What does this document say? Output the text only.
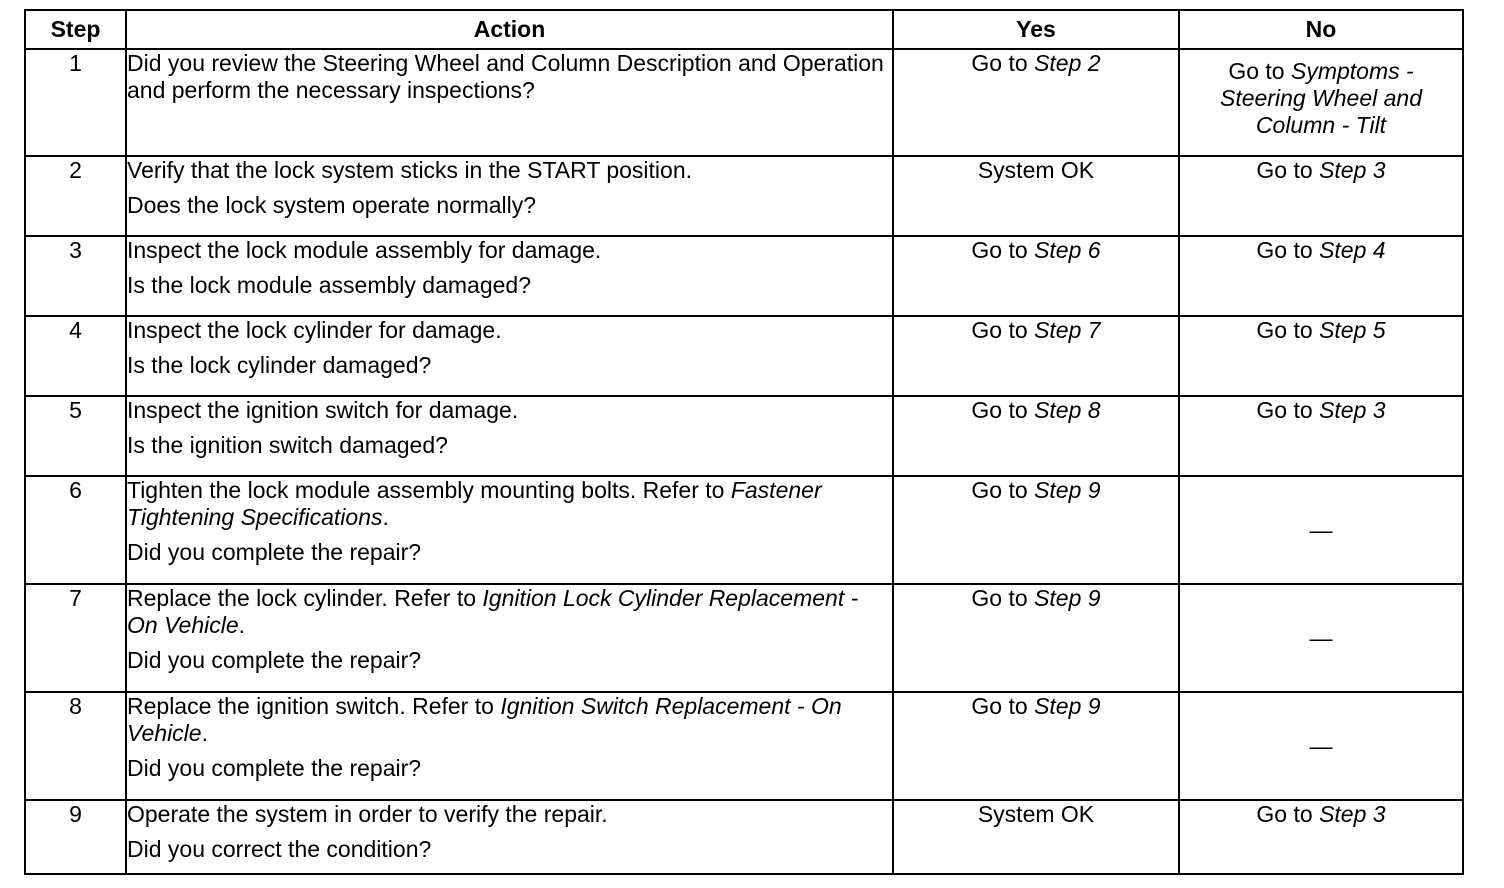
Step	Action	Yes	No
1	Did you review the Steering Wheel and Column Description and Operation and perform the necessary inspections?	Go to Step 2	Go to Symptoms -
Steering Wheel and
Column - Tilt

2	Verify that the lock system sticks in the START position.
Does the lock system operate normally?	System OK	Go to Step 3
3	Inspect the lock module assembly for damage.
Is the lock module assembly damaged?	Go to Step 6	Go to Step 4
4	Inspect the lock cylinder for damage.
Is the lock cylinder damaged?	Go to Step 7	Go to Step 5
5	Inspect the ignition switch for damage.
Is the ignition switch damaged?	Go to Step 8	Go to Step 3
6	Tighten the lock module assembly mounting bolts. Refer to Fastener Tightening Specifications.
Did you complete the repair?	Go to Step 9	—
7	Replace the lock cylinder. Refer to Ignition Lock Cylinder Replacement - On Vehicle.
Did you complete the repair?	Go to Step 9	—
8	Replace the ignition switch. Refer to Ignition Switch Replacement - On Vehicle.
Did you complete the repair?	Go to Step 9	—
9	Operate the system in order to verify the repair.
Did you correct the condition?	System OK	Go to Step 3
